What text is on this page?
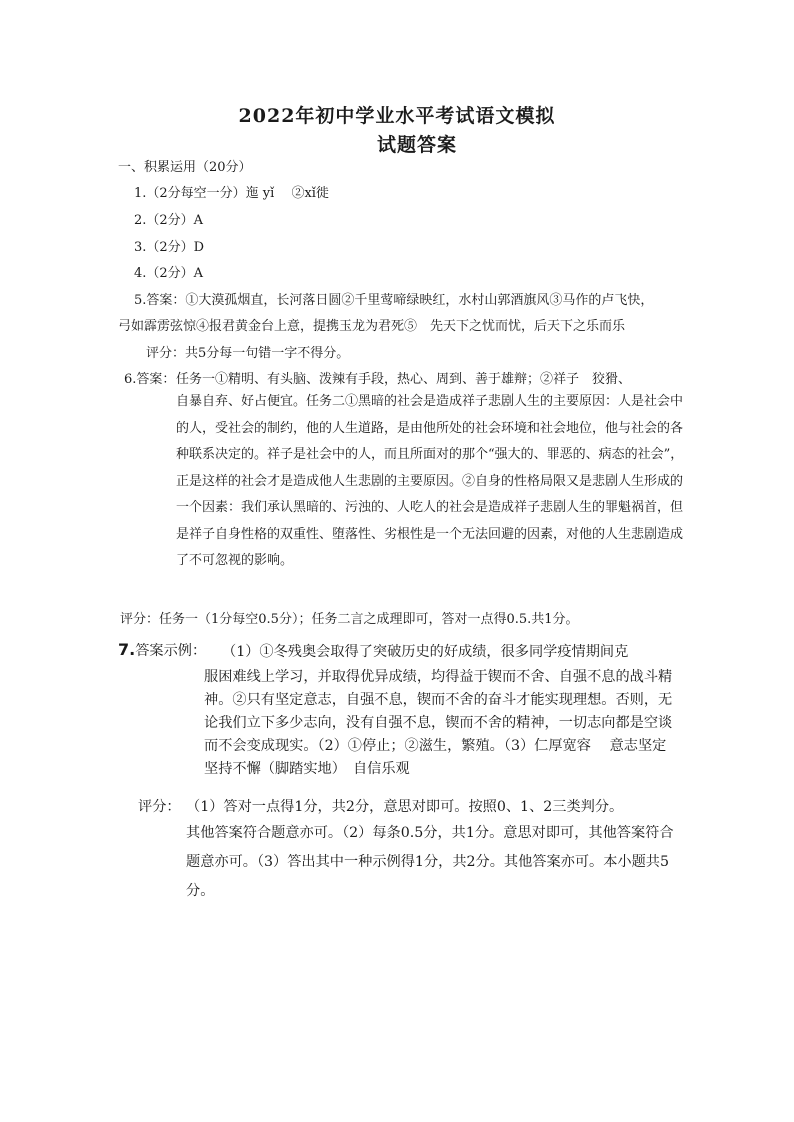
2022年初中学业水平考试语文模拟
试题答案
一、积累运用（20分）
1.（2分每空一分）迤 yǐ　 ②xǐ徙
2.（2分）A
3.（2分）D
4.（2分）A
5.答案：①大漠孤烟直，长河落日圆②千里莺啼绿映红，水村山郭酒旗风③马作的卢飞快，
弓如霹雳弦惊④报君黄金台上意，提携玉龙为君死⑤　先天下之忧而忧，后天下之乐而乐
评分：共5分每一句错一字不得分。
6.答案： 任务一①精明、有头脑、泼辣有手段，热心、周到、善于雄辩；②祥子　狡猾、
自暴自弃、好占便宜。任务二①黑暗的社会是造成祥子悲剧人生的主要原因：人是社会中的人，受社会的制约，他的人生道路，是由他所处的社会环境和社会地位，他与社会的各种联系决定的。祥子是社会中的人，而且所面对的那个“强大的、罪恶的、病态的社会”，正是这样的社会才是造成他人生悲剧的主要原因。②自身的性格局限又是悲剧人生形成的一个因素：我们承认黑暗的、污浊的、人吃人的社会是造成祥子悲剧人生的罪魁祸首，但是祥子自身性格的双重性、堕落性、劣根性是一个无法回避的因素，对他的人生悲剧造成了不可忽视的影响。
评分：任务一（1分每空0.5分）；任务二言之成理即可，答对一点得0.5.共1分。
7.答案示例： （1）①冬残奥会取得了突破历史的好成绩，很多同学疫情期间克
服困难线上学习，并取得优异成绩，均得益于锲而不舍、自强不息的战斗精神。②只有坚定意志，自强不息，锲而不舍的奋斗才能实现理想。否则，无论我们立下多少志向，没有自强不息，锲而不舍的精神，一切志向都是空谈而不会变成现实。（2）①停止；②滋生，繁殖。（3）仁厚宽容　 意志坚定　坚持不懈（脚踏实地）　自信乐观
评分： （1）答对一点得1分，共2分，意思对即可。按照0、1、2三类判分。
其他答案符合题意亦可。（2）每条0.5分，共1分。意思对即可，其他答案符合题意亦可。（3）答出其中一种示例得1分，共2分。其他答案亦可。本小题共5分。
